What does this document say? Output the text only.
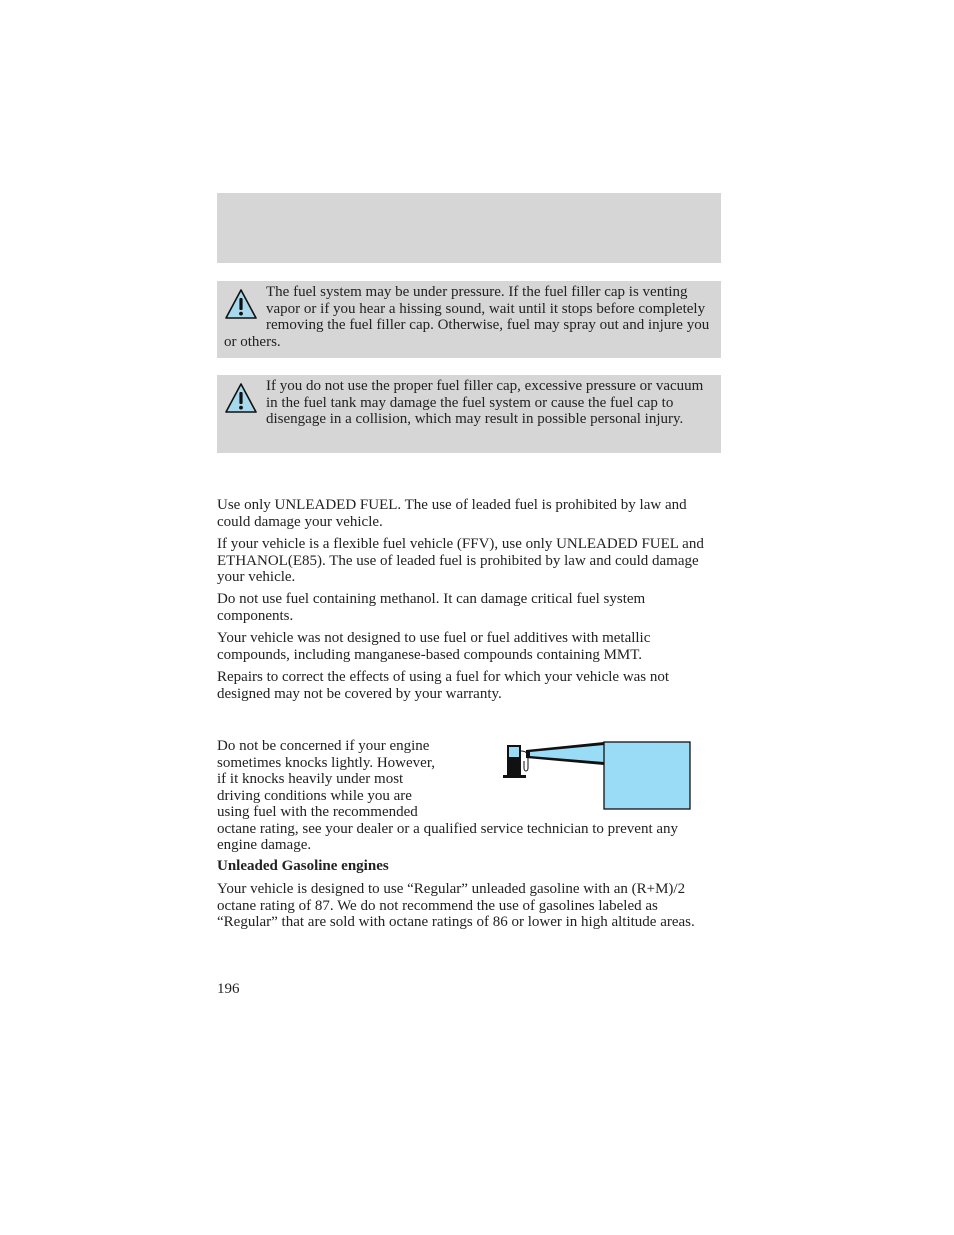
The fuel system may be under pressure. If the fuel filler cap is venting vapor or if you hear a hissing sound, wait until it stops before completely removing the fuel filler cap. Otherwise, fuel may spray out and injure you or others.

If you do not use the proper fuel filler cap, excessive pressure or vacuum in the fuel tank may damage the fuel system or cause the fuel cap to disengage in a collision, which may result in possible personal injury.

Use only UNLEADED FUEL. The use of leaded fuel is prohibited by law and could damage your vehicle.

If your vehicle is a flexible fuel vehicle (FFV), use only UNLEADED FUEL and ETHANOL(E85). The use of leaded fuel is prohibited by law and could damage your vehicle.

Do not use fuel containing methanol. It can damage critical fuel system components.

Your vehicle was not designed to use fuel or fuel additives with metallic compounds, including manganese-based compounds containing MMT.

Repairs to correct the effects of using a fuel for which your vehicle was not designed may not be covered by your warranty.

Do not be concerned if your engine
sometimes knocks lightly. However,
if it knocks heavily under most
driving conditions while you are
using fuel with the recommended
octane rating, see your dealer or a qualified service technician to prevent any engine damage.

Unleaded Gasoline engines

Your vehicle is designed to use “Regular” unleaded gasoline with an (R+M)/2 octane rating of 87. We do not recommend the use of gasolines labeled as “Regular” that are sold with octane ratings of 86 or lower in high altitude areas.

196
